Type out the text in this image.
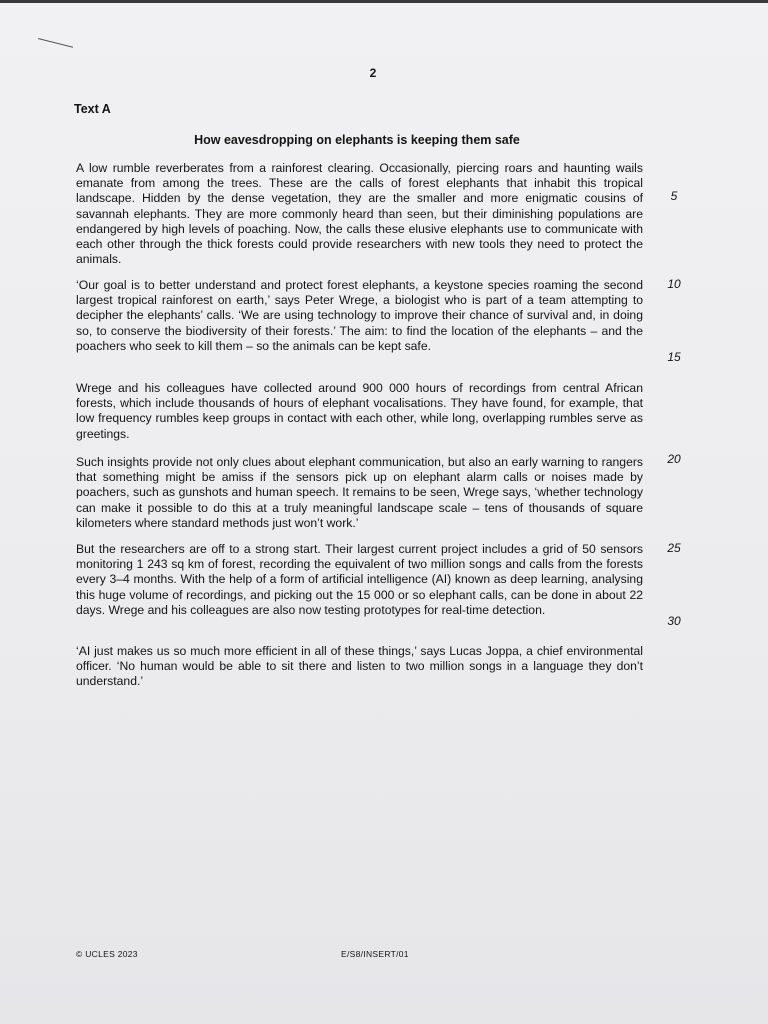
2
Text A
How eavesdropping on elephants is keeping them safe
A low rumble reverberates from a rainforest clearing. Occasionally, piercing roars and haunting wails emanate from among the trees. These are the calls of forest elephants that inhabit this tropical landscape. Hidden by the dense vegetation, they are the smaller and more enigmatic cousins of savannah elephants. They are more commonly heard than seen, but their diminishing populations are endangered by high levels of poaching. Now, the calls these elusive elephants use to communicate with each other through the thick forests could provide researchers with new tools they need to protect the animals.
‘Our goal is to better understand and protect forest elephants, a keystone species roaming the second largest tropical rainforest on earth,’ says Peter Wrege, a biologist who is part of a team attempting to decipher the elephants’ calls. ‘We are using technology to improve their chance of survival and, in doing so, to conserve the biodiversity of their forests.’ The aim: to find the location of the elephants – and the poachers who seek to kill them – so the animals can be kept safe.
Wrege and his colleagues have collected around 900 000 hours of recordings from central African forests, which include thousands of hours of elephant vocalisations. They have found, for example, that low frequency rumbles keep groups in contact with each other, while long, overlapping rumbles serve as greetings.
Such insights provide not only clues about elephant communication, but also an early warning to rangers that something might be amiss if the sensors pick up on elephant alarm calls or noises made by poachers, such as gunshots and human speech. It remains to be seen, Wrege says, ‘whether technology can make it possible to do this at a truly meaningful landscape scale – tens of thousands of square kilometers where standard methods just won’t work.’
But the researchers are off to a strong start. Their largest current project includes a grid of 50 sensors monitoring 1 243 sq km of forest, recording the equivalent of two million songs and calls from the forests every 3–4 months. With the help of a form of artificial intelligence (AI) known as deep learning, analysing this huge volume of recordings, and picking out the 15 000 or so elephant calls, can be done in about 22 days. Wrege and his colleagues are also now testing prototypes for real-time detection.
‘AI just makes us so much more efficient in all of these things,’ says Lucas Joppa, a chief environmental officer. ‘No human would be able to sit there and listen to two million songs in a language they don’t understand.’
5
10
15
20
25
30
© UCLES 2023	E/S8/INSERT/01
